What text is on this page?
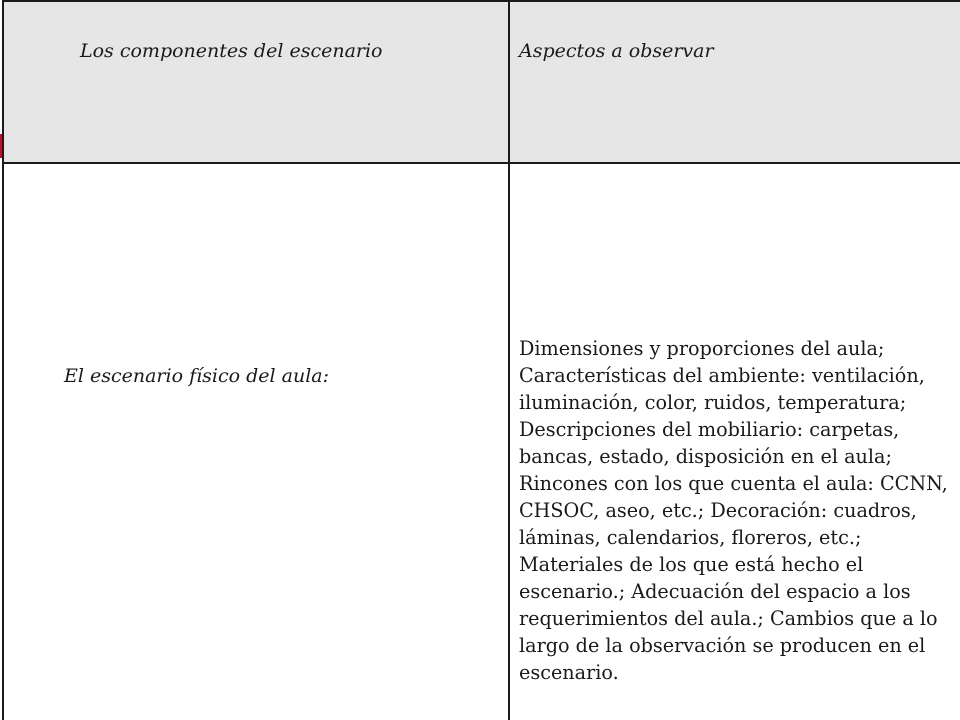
Los componentes del escenario	Aspectos a observar

El escenario físico del aula:	Dimensiones y proporciones del aula; Características del ambiente: ventilación, iluminación, color, ruidos, temperatura; Descripciones del mobiliario: carpetas, bancas, estado, disposición en el aula; Rincones con los que cuenta el aula: CCNN, CHSOC, aseo, etc.; Decoración: cuadros, láminas, calendarios, floreros, etc.; Materiales de los que está hecho el escenario.; Adecuación del espacio a los requerimientos del aula.; Cambios que a lo largo de la observación se producen en el escenario.
